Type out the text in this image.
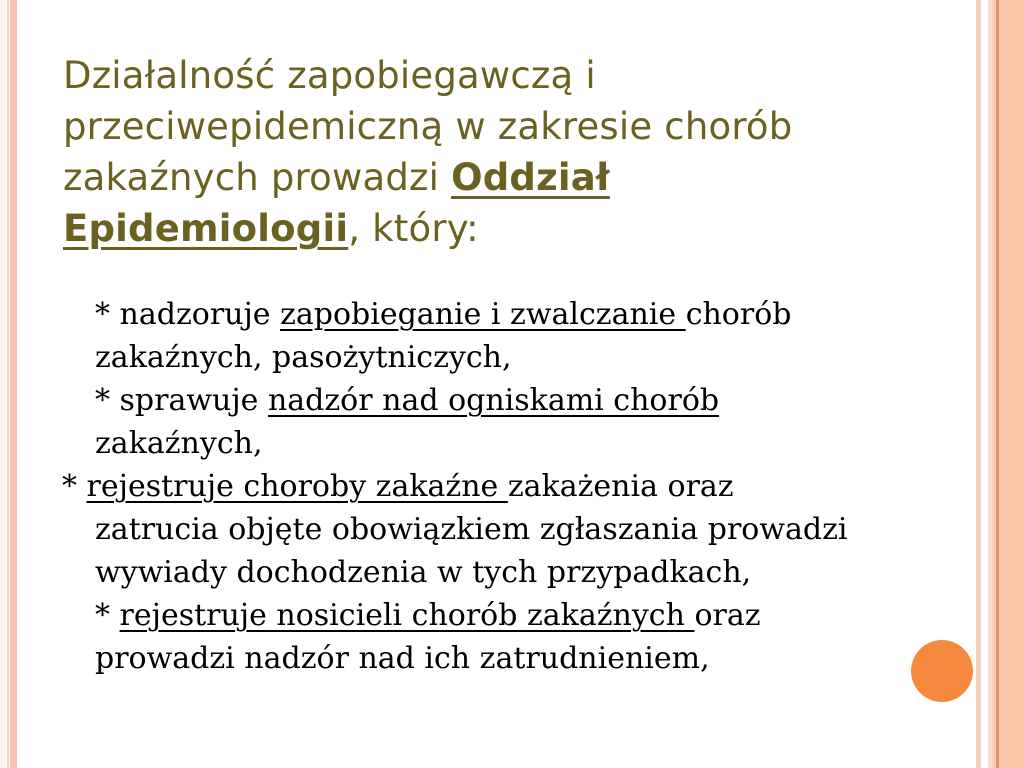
Działalność zapobiegawczą i
przeciwepidemiczną w zakresie chorób
zakaźnych prowadzi Oddział
Epidemiologii, który:
* nadzoruje zapobieganie i zwalczanie chorób
zakaźnych, pasożytniczych,
* sprawuje nadzór nad ogniskami chorób
zakaźnych,
* rejestruje choroby zakaźne zakażenia oraz
zatrucia objęte obowiązkiem zgłaszania prowadzi
wywiady dochodzenia w tych przypadkach,
* rejestruje nosicieli chorób zakaźnych oraz
prowadzi nadzór nad ich zatrudnieniem,
